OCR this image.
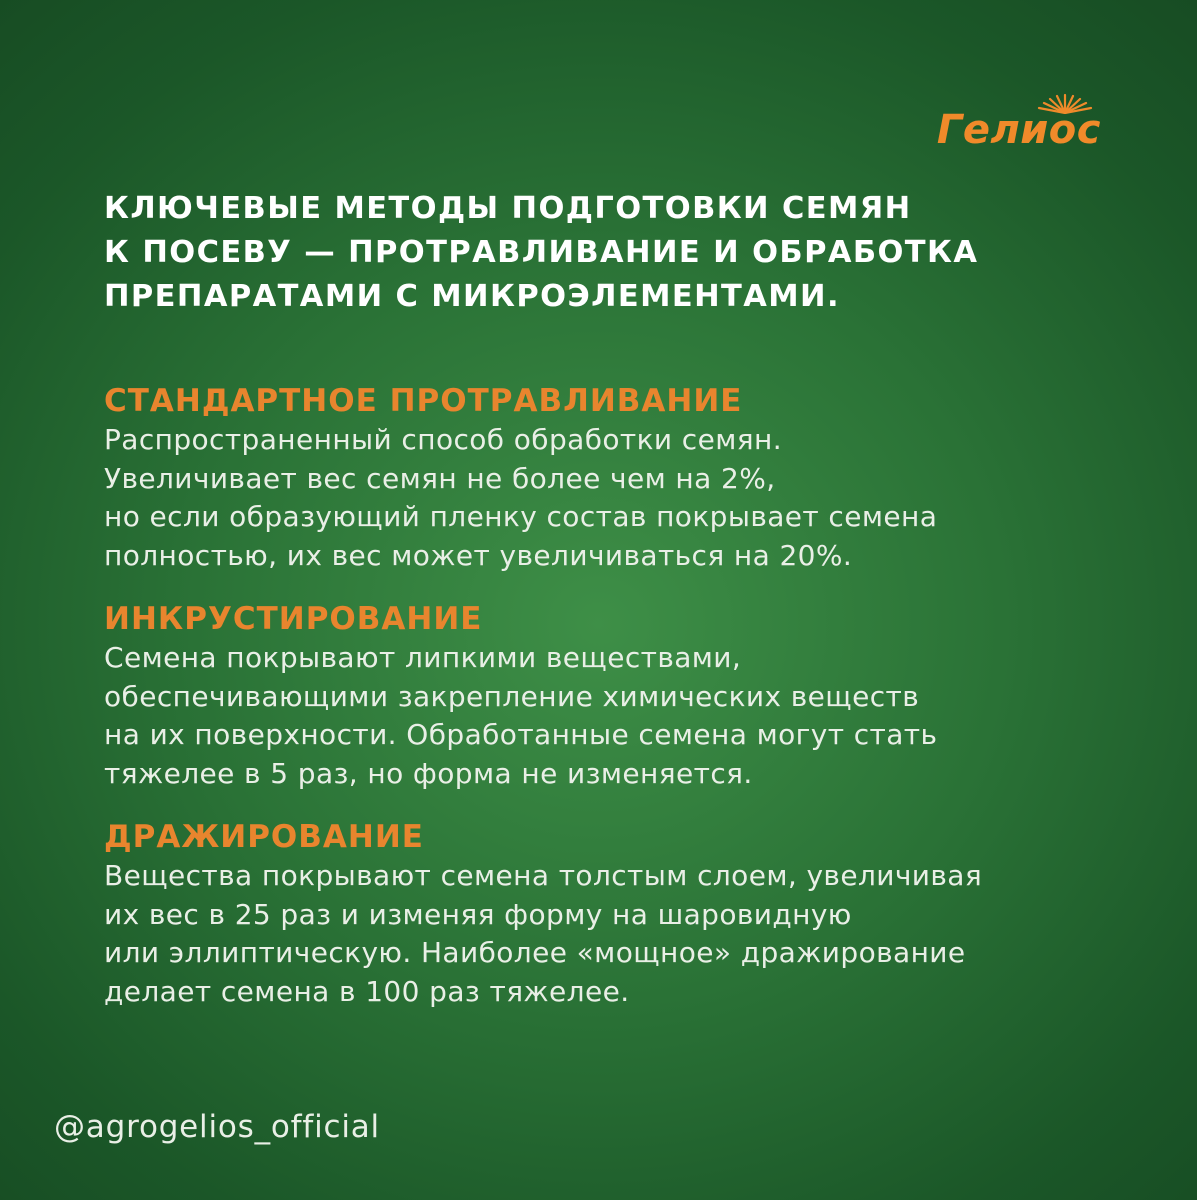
Гелиос
КЛЮЧЕВЫЕ МЕТОДЫ ПОДГОТОВКИ СЕМЯН
К ПОСЕВУ — ПРОТРАВЛИВАНИЕ И ОБРАБОТКА
ПРЕПАРАТАМИ С МИКРОЭЛЕМЕНТАМИ.
СТАНДАРТНОЕ ПРОТРАВЛИВАНИЕ

Распространенный способ обработки семян.
Увеличивает вес семян не более чем на 2%,
но если образующий пленку состав покрывает семена
полностью, их вес может увеличиваться на 20%.

ИНКРУСТИРОВАНИЕ

Семена покрывают липкими веществами,
обеспечивающими закрепление химических веществ
на их поверхности. Обработанные семена могут стать
тяжелее в 5 раз, но форма не изменяется.

ДРАЖИРОВАНИЕ

Вещества покрывают семена толстым слоем, увеличивая
их вес в 25 раз и изменяя форму на шаровидную
или эллиптическую. Наиболее «мощное» дражирование
делает семена в 100 раз тяжелее.

@agrogelios_official
